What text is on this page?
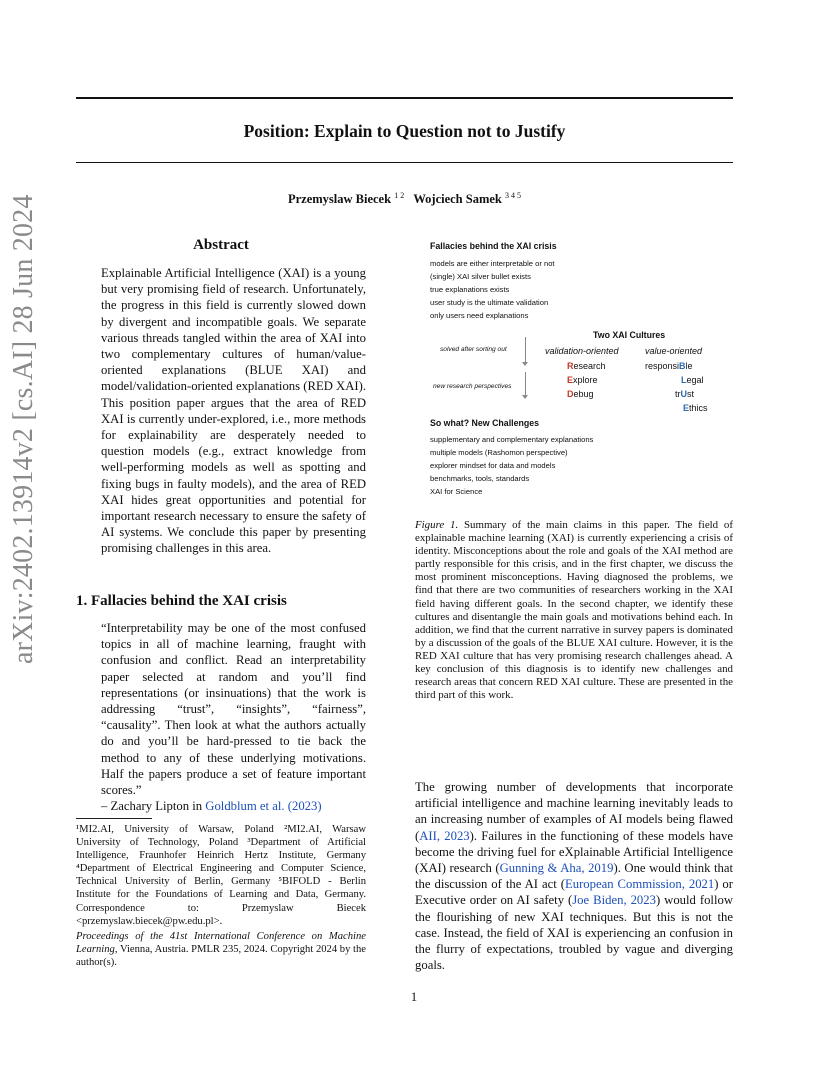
arXiv:2402.13914v2 [cs.AI] 28 Jun 2024
Position: Explain to Question not to Justify
Przemyslaw Biecek $^{1 2}$ Wojciech Samek $^{3 4 5}$
Abstract
Explainable Artificial Intelligence (XAI) is a young but very promising field of research. Unfortunately, the progress in this field is currently slowed down by divergent and incompatible goals. We separate various threads tangled within the area of XAI into two complementary cultures of human/value-oriented explanations (BLUE XAI) and model/validation-oriented explanations (RED XAI). This position paper argues that the area of RED XAI is currently under-explored, i.e., more methods for explainability are desperately needed to question models (e.g., extract knowledge from well-performing models as well as spotting and fixing bugs in faulty models), and the area of RED XAI hides great opportunities and potential for important research necessary to ensure the safety of AI systems. We conclude this paper by presenting promising challenges in this area.
1. Fallacies behind the XAI crisis
“Interpretability may be one of the most confused topics in all of machine learning, fraught with confusion and conflict. Read an interpretability paper selected at random and you’ll find representations (or insinuations) that the work is addressing “trust”, “insights”, “fairness”, “causality”. Then look at what the authors actually do and you’ll be hard-pressed to tie back the method to any of these underlying motivations. Half the papers produce a set of feature important scores.”
– Zachary Lipton in Goldblum et al. (2023)
¹MI2.AI, University of Warsaw, Poland ²MI2.AI, Warsaw University of Technology, Poland ³Department of Artificial Intelligence, Fraunhofer Heinrich Hertz Institute, Germany ⁴Department of Electrical Engineering and Computer Science, Technical University of Berlin, Germany ⁵BIFOLD - Berlin Institute for the Foundations of Learning and Data, Germany. Correspondence to: Przemyslaw Biecek <przemyslaw.biecek@pw.edu.pl>.
Proceedings of the 41st International Conference on Machine Learning, Vienna, Austria. PMLR 235, 2024. Copyright 2024 by the author(s).
Fallacies behind the XAI crisis
models are either interpretable or not
(single) XAI silver bullet exists
true explanations exists
user study is the ultimate validation
only users need explanations
Two XAI Cultures
solved after sorting out
new research perspectives
validation-oriented	value-oriented
Research
Explore
Debug
responsiBle
Legal
trUst
Ethics
So what? New Challenges
supplementary and complementary explanations
multiple models (Rashomon perspective)
explorer mindset for data and models
benchmarks, tools, standards
XAI for Science
Figure 1. Summary of the main claims in this paper. The field of explainable machine learning (XAI) is currently experiencing a crisis of identity. Misconceptions about the role and goals of the XAI method are partly responsible for this crisis, and in the first chapter, we discuss the most prominent misconceptions. Having diagnosed the problems, we find that there are two communities of researchers working in the XAI field having different goals. In the second chapter, we identify these cultures and disentangle the main goals and motivations behind each. In addition, we find that the current narrative in survey papers is dominated by a discussion of the goals of the BLUE XAI culture. However, it is the RED XAI culture that has very promising research challenges ahead. A key conclusion of this diagnosis is to identify new challenges and research areas that concern RED XAI culture. These are presented in the third part of this work.
The growing number of developments that incorporate artificial intelligence and machine learning inevitably leads to an increasing number of examples of AI models being flawed (AII, 2023). Failures in the functioning of these models have become the driving fuel for eXplainable Artificial Intelligence (XAI) research (Gunning & Aha, 2019). One would think that the discussion of the AI act (European Commission, 2021) or Executive order on AI safety (Joe Biden, 2023) would follow the flourishing of new XAI techniques. But this is not the case. Instead, the field of XAI is experiencing an confusion in the flurry of expectations, troubled by vague and diverging goals.
1
